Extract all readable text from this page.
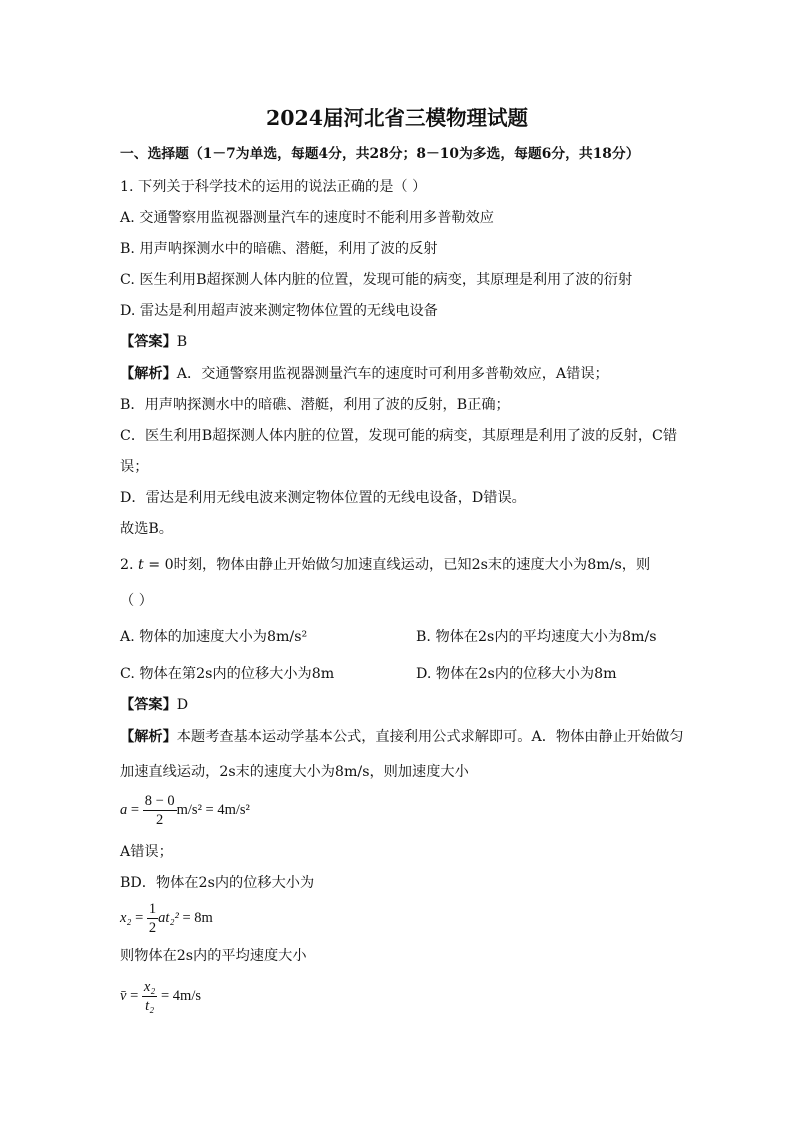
2024届河北省三模物理试题
一、选择题（1－7为单选，每题4分，共28分；8－10为多选，每题6分，共18分）
1. 下列关于科学技术的运用的说法正确的是（ ）
A. 交通警察用监视器测量汽车的速度时不能利用多普勒效应
B. 用声呐探测水中的暗礁、潜艇，利用了波的反射
C. 医生利用B超探测人体内脏的位置，发现可能的病变，其原理是利用了波的衍射
D. 雷达是利用超声波来测定物体位置的无线电设备
【答案】B
【解析】A．交通警察用监视器测量汽车的速度时可利用多普勒效应，A错误；
B．用声呐探测水中的暗礁、潜艇，利用了波的反射，B正确；
C．医生利用B超探测人体内脏的位置，发现可能的病变，其原理是利用了波的反射，C错
误；
D．雷达是利用无线电波来测定物体位置的无线电设备，D错误。
故选B。
2. t = 0时刻，物体由静止开始做匀加速直线运动，已知2s末的速度大小为8m/s，则
（ ）
A. 物体的加速度大小为8m/s²	B. 物体在2s内的平均速度大小为8m/s
C. 物体在第2s内的位移大小为8m	D. 物体在2s内的位移大小为8m
【答案】D
【解析】本题考查基本运动学基本公式，直接利用公式求解即可。A．物体由静止开始做匀
加速直线运动，2s末的速度大小为8m/s，则加速度大小
$a = \frac{8 - 0}{2} m/s^2 = 4m/s^2$
A错误；
BD．物体在2s内的位移大小为
$x_2 = \frac{1}{2} at_2^2 = 8m$
则物体在2s内的平均速度大小
v̄ = $\frac{\text{x₂}}{\text{t₂}} = 4m/s$
